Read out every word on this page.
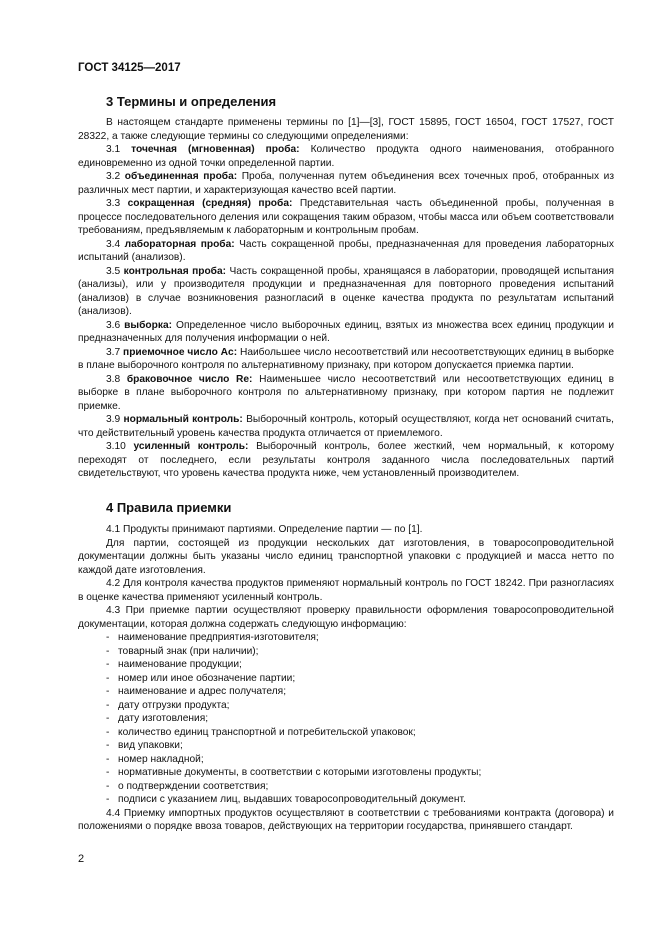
ГОСТ 34125—2017
3 Термины и определения

В настоящем стандарте применены термины по [1]—[3], ГОСТ 15895, ГОСТ 16504, ГОСТ 17527, ГОСТ 28322, а также следующие термины со следующими определениями:

3.1 точечная (мгновенная) проба: Количество продукта одного наименования, отобранного единовременно из одной точки определенной партии.

3.2 объединенная проба: Проба, полученная путем объединения всех точечных проб, отобранных из различных мест партии, и характеризующая качество всей партии.

3.3 сокращенная (средняя) проба: Представительная часть объединенной пробы, полученная в процессе последовательного деления или сокращения таким образом, чтобы масса или объем соответствовали требованиям, предъявляемым к лабораторным и контрольным пробам.

3.4 лабораторная проба: Часть сокращенной пробы, предназначенная для проведения лабораторных испытаний (анализов).

3.5 контрольная проба: Часть сокращенной пробы, хранящаяся в лаборатории, проводящей испытания (анализы), или у производителя продукции и предназначенная для повторного проведения испытаний (анализов) в случае возникновения разногласий в оценке качества продукта по результатам испытаний (анализов).

3.6 выборка: Определенное число выборочных единиц, взятых из множества всех единиц продукции и предназначенных для получения информации о ней.

3.7 приемочное число Ac: Наибольшее число несоответствий или несоответствующих единиц в выборке в плане выборочного контроля по альтернативному признаку, при котором допускается приемка партии.

3.8 браковочное число Re: Наименьшее число несоответствий или несоответствующих единиц в выборке в плане выборочного контроля по альтернативному признаку, при котором партия не подлежит приемке.

3.9 нормальный контроль: Выборочный контроль, который осуществляют, когда нет оснований считать, что действительный уровень качества продукта отличается от приемлемого.

3.10 усиленный контроль: Выборочный контроль, более жесткий, чем нормальный, к которому переходят от последнего, если результаты контроля заданного числа последовательных партий свидетельствуют, что уровень качества продукта ниже, чем установленный производителем.

4 Правила приемки

4.1 Продукты принимают партиями. Определение партии — по [1].

Для партии, состоящей из продукции нескольких дат изготовления, в товаросопроводительной документации должны быть указаны число единиц транспортной упаковки с продукцией и масса нетто по каждой дате изготовления.

4.2 Для контроля качества продуктов применяют нормальный контроль по ГОСТ 18242. При разногласиях в оценке качества применяют усиленный контроль.

4.3 При приемке партии осуществляют проверку правильности оформления товаросопроводительной документации, которая должна содержать следующую информацию:

- наименование предприятия-изготовителя;
- товарный знак (при наличии);
- наименование продукции;
- номер или иное обозначение партии;
- наименование и адрес получателя;
- дату отгрузки продукта;
- дату изготовления;
- количество единиц транспортной и потребительской упаковок;
- вид упаковки;
- номер накладной;
- нормативные документы, в соответствии с которыми изготовлены продукты;
- о подтверждении соответствия;
- подписи с указанием лиц, выдавших товаросопроводительный документ.

4.4 Приемку импортных продуктов осуществляют в соответствии с требованиями контракта (договора) и положениями о порядке ввоза товаров, действующих на территории государства, принявшего стандарт.

2
